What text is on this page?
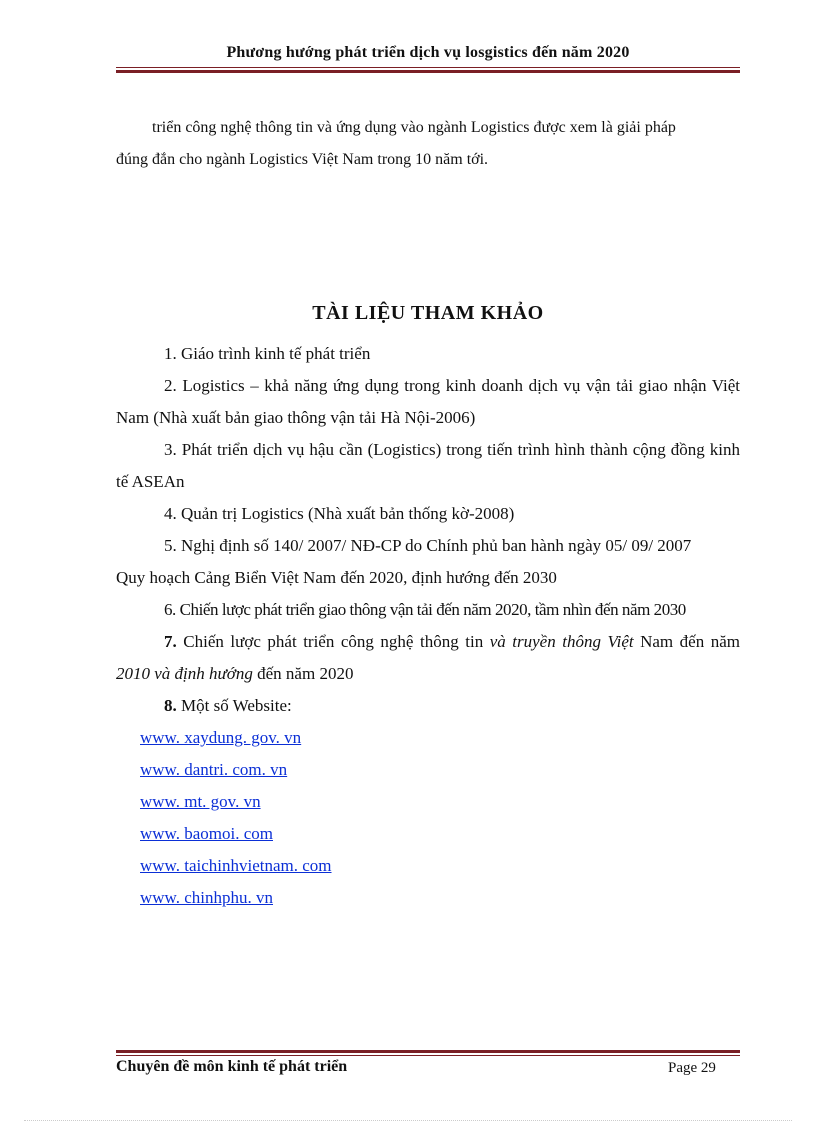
Phương hướng phát triển dịch vụ losgistics đến năm 2020

triển công nghệ thông tin và ứng dụng vào ngành Logistics được xem là giải pháp

đúng đắn cho ngành Logistics Việt Nam trong 10 năm tới.

TÀI LIỆU THAM KHẢO

1. Giáo trình kinh tế phát triển

2. Logistics – khả năng ứng dụng trong kinh doanh dịch vụ vận tải giao nhận Việt Nam (Nhà xuất bản giao thông vận tải Hà Nội-2006)

3. Phát triển dịch vụ hậu cần (Logistics) trong tiến trình hình thành cộng đồng kinh tế ASEAn

4. Quản trị Logistics (Nhà xuất bản thống kờ-2008)

5. Nghị định số 140/ 2007/ NĐ-CP do Chính phủ ban hành ngày 05/ 09/ 2007

Quy hoạch Cảng Biển Việt Nam đến 2020, định hướng đến 2030

6. Chiến lược phát triển giao thông vận tải đến năm 2020, tầm nhìn đến năm 2030

7. Chiến lược phát triển công nghệ thông tin và truyền thông Việt Nam đến năm 2010 và định hướng đến năm 2020

8. Một số Website:

www. xaydung. gov. vn
www. dantri. com. vn
www. mt. gov. vn
www. baomoi. com
www. taichinhvietnam. com
www. chinhphu. vn
Chuyên đề môn kinh tế phát triển	Page 29
